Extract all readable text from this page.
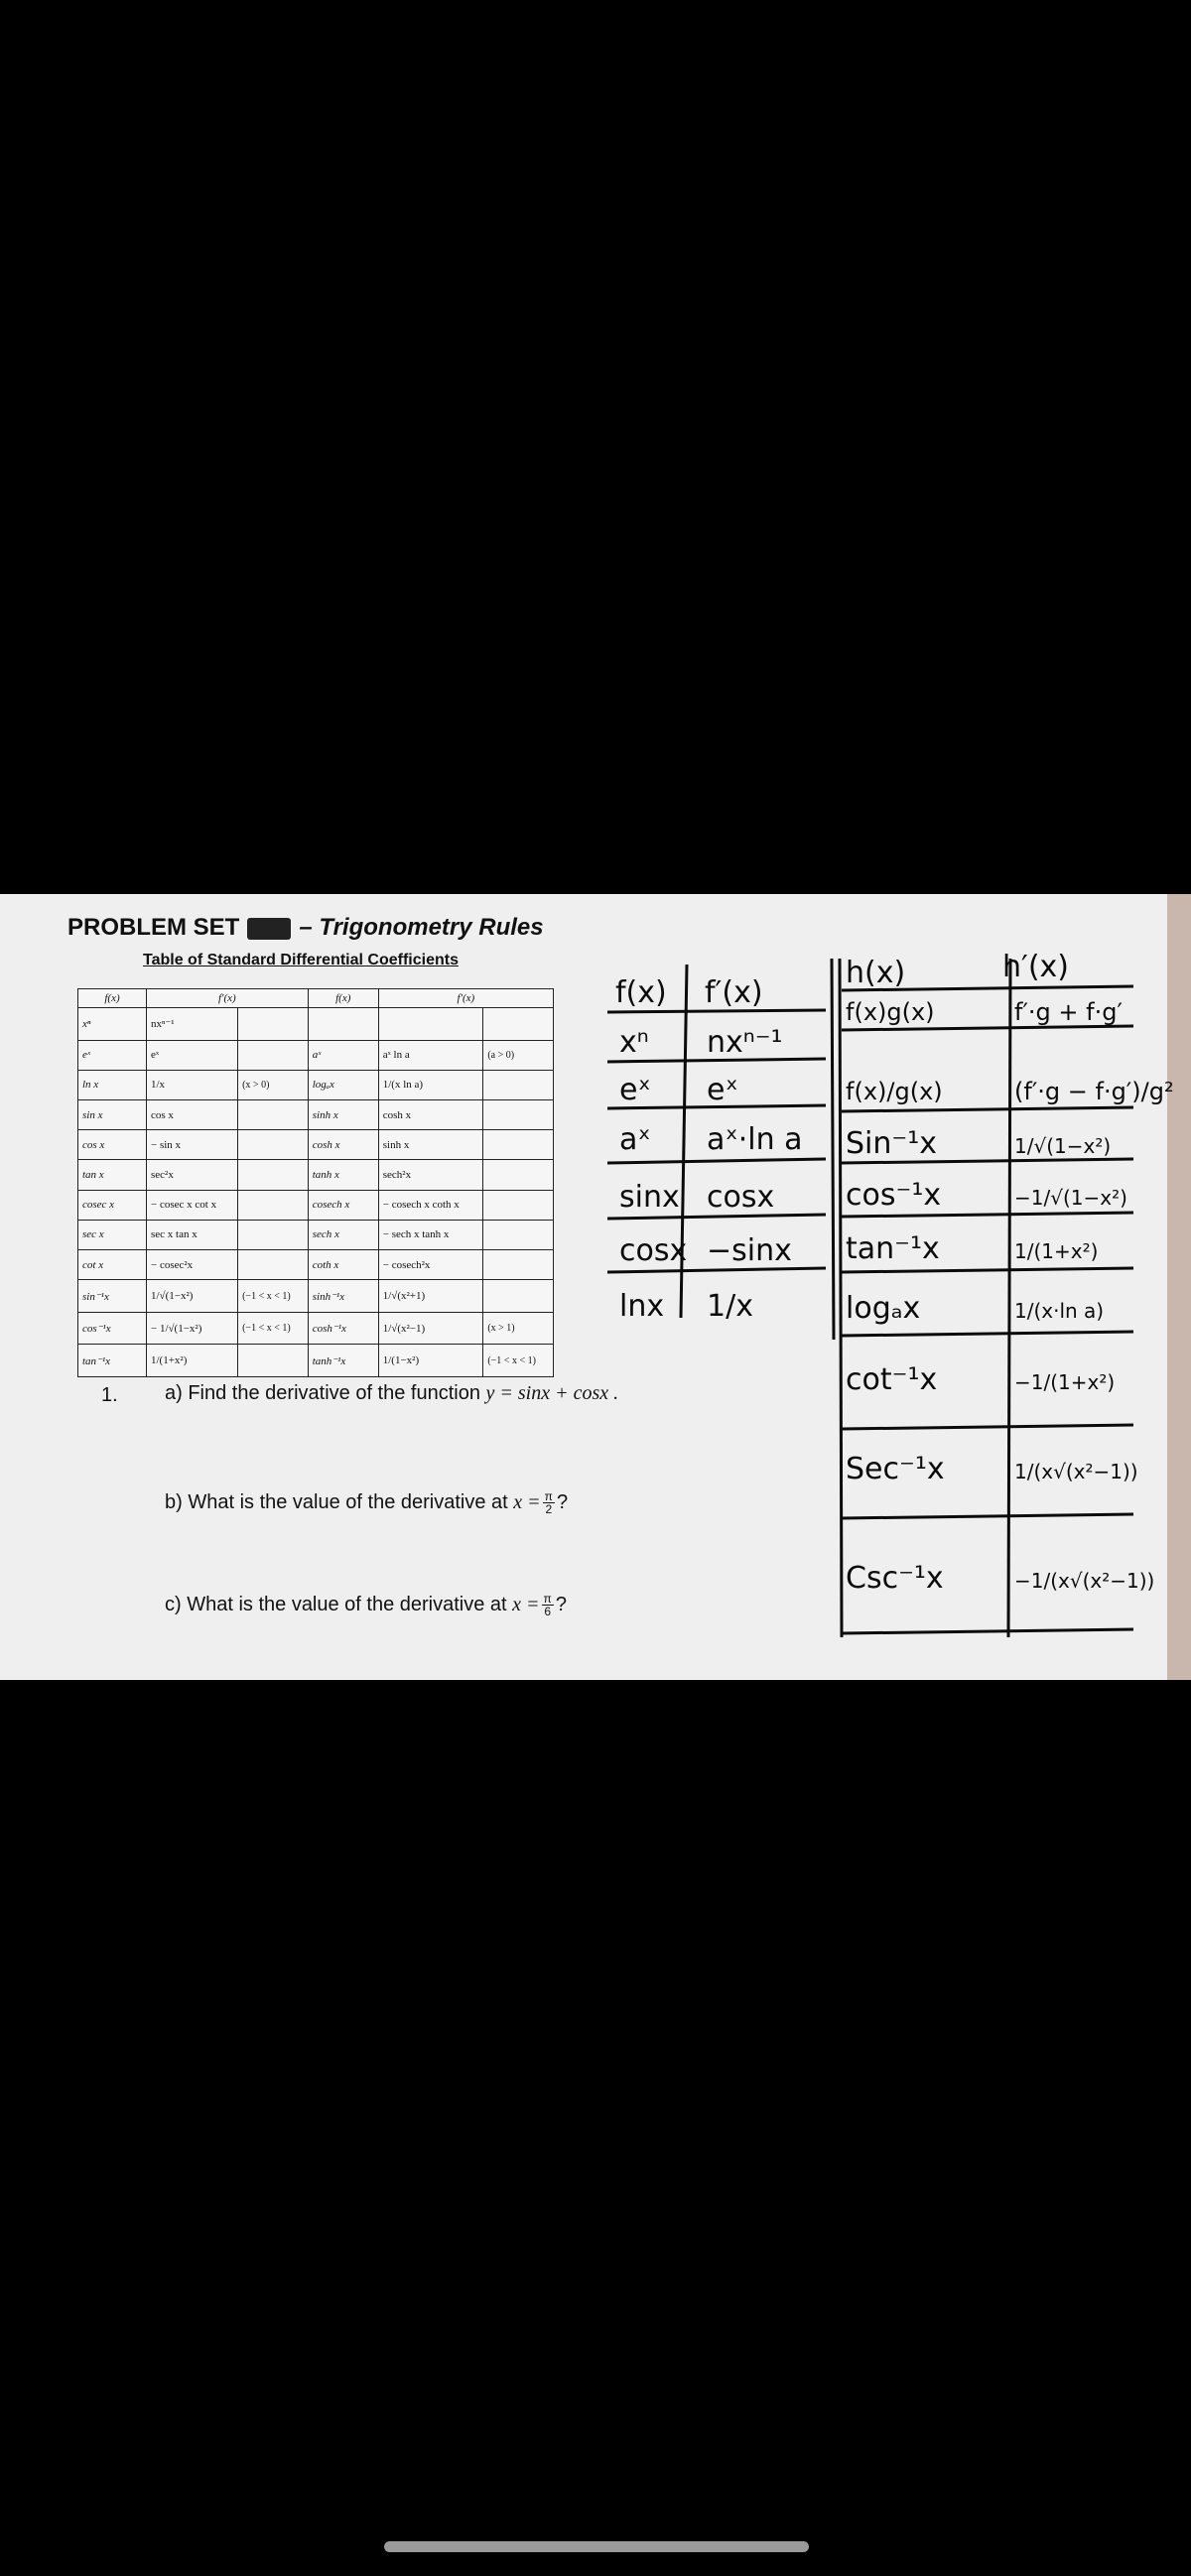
PROBLEM SET	– Trigonometry Rules
Table of Standard Differential Coefficients
f(x)	f′(x)		f(x)	f′(x)	
xⁿ	nxⁿ⁻¹				
eˣ	eˣ		aˣ	aˣ ln a	(a > 0)
ln x	1/x	(x > 0)	logₐx	1/(x ln a)	
sin x	cos x		sinh x	cosh x	
cos x	− sin x		cosh x	sinh x	
tan x	sec²x		tanh x	sech²x	
cosec x	− cosec x cot x		cosech x	− cosech x coth x	
sec x	sec x tan x		sech x	− sech x tanh x	
cot x	− cosec²x		coth x	− cosech²x	
sin⁻¹x	1/√(1−x²)	(−1 < x < 1)	sinh⁻¹x	1/√(x²+1)	
cos⁻¹x	− 1/√(1−x²)	(−1 < x < 1)	cosh⁻¹x	1/√(x²−1)	(x > 1)
tan⁻¹x	1/(1+x²)		tanh⁻¹x	1/(1−x²)	(−1 < x < 1)
f(x) f′(x)
xⁿ nxⁿ⁻¹
eˣ eˣ
aˣ aˣ·ln a
sinx cosx
cosx −sinx
lnx 1/x
h(x)	h′(x)
f(x)g(x)	f′·g + f·g′
f(x)/g(x)	(f′·g − f·g′)/g²
Sin⁻¹x	1/√(1−x²)
cos⁻¹x	−1/√(1−x²)
tan⁻¹x	1/(1+x²)
logₐx	1/(x·ln a)
cot⁻¹x	−1/(1+x²)
Sec⁻¹x	1/(x√(x²−1))
Csc⁻¹x	−1/(x√(x²−1))
1. a) Find the derivative of the function y = sinx + cosx .
b) What is the value of the derivative at $x = \frac{\pi}{2}$ ?
c) What is the value of the derivative at $x = \frac{\pi}{6}$ ?
